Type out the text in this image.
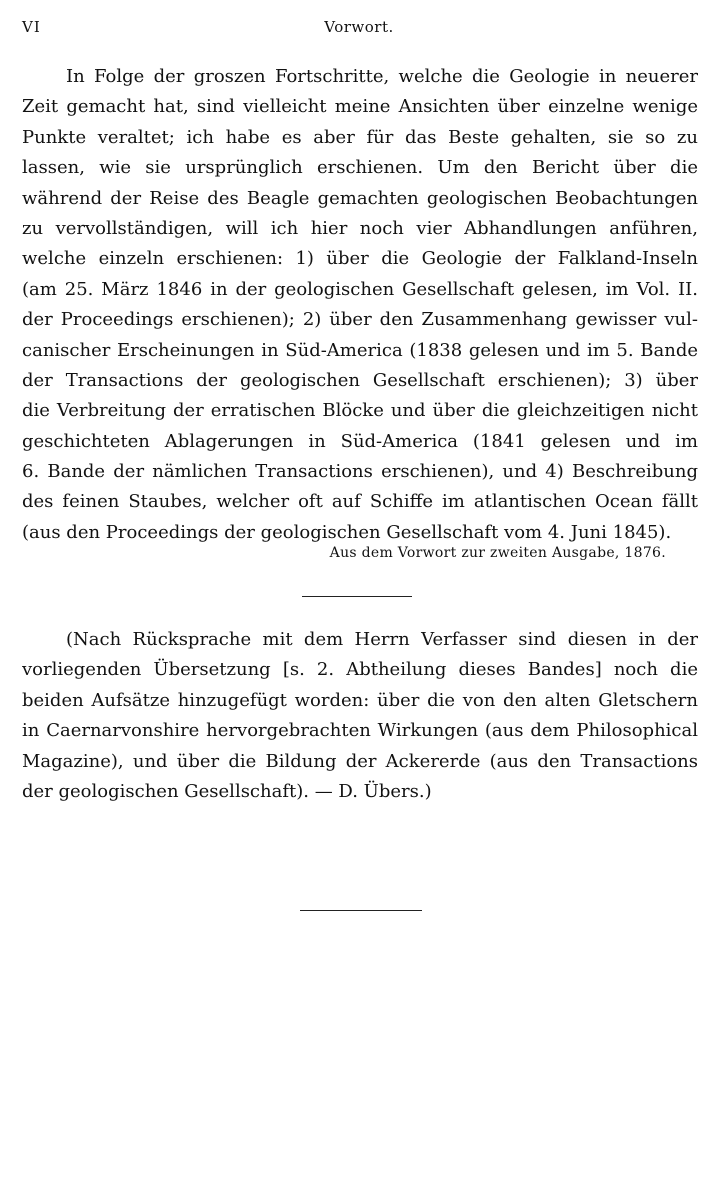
VI	Vorwort.
In Folge der groszen Fortschritte, welche die Geologie in neuerer
Zeit gemacht hat, sind vielleicht meine Ansichten über einzelne wenige
Punkte veraltet; ich habe es aber für das Beste gehalten, sie so zu
lassen, wie sie ursprünglich erschienen. Um den Bericht über die
während der Reise des Beagle gemachten geologischen Beobachtungen
zu vervollständigen, will ich hier noch vier Abhandlungen anführen,
welche einzeln erschienen: 1) über die Geologie der Falkland-Inseln
(am 25. März 1846 in der geologischen Gesellschaft gelesen, im Vol. II.
der Proceedings erschienen); 2) über den Zusammenhang gewisser vul-
canischer Erscheinungen in Süd-America (1838 gelesen und im 5. Bande
der Transactions der geologischen Gesellschaft erschienen); 3) über
die Verbreitung der erratischen Blöcke und über die gleichzeitigen nicht
geschichteten Ablagerungen in Süd-America (1841 gelesen und im
6. Bande der nämlichen Transactions erschienen), und 4) Beschreibung
des feinen Staubes, welcher oft auf Schiffe im atlantischen Ocean fällt
(aus den Proceedings der geologischen Gesellschaft vom 4. Juni 1845).
Aus dem Vorwort zur zweiten Ausgabe, 1876.
(Nach Rücksprache mit dem Herrn Verfasser sind diesen in der
vorliegenden Übersetzung [s. 2. Abtheilung dieses Bandes] noch die
beiden Aufsätze hinzugefügt worden: über die von den alten Gletschern
in Caernarvonshire hervorgebrachten Wirkungen (aus dem Philosophical
Magazine), und über die Bildung der Ackererde (aus den Transactions
der geologischen Gesellschaft). — D. Übers.)
